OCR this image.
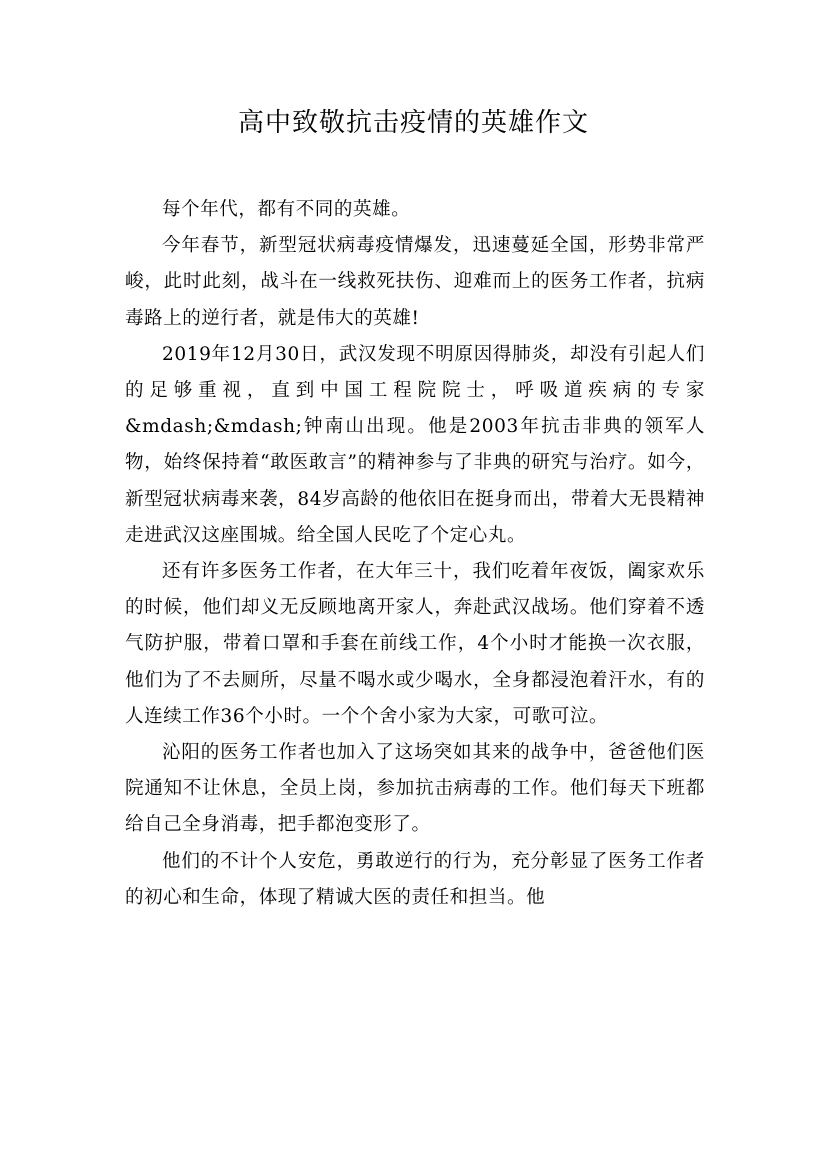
高中致敬抗击疫情的英雄作文

每个年代，都有不同的英雄。

今年春节，新型冠状病毒疫情爆发，迅速蔓延全国，形势非常严峻，此时此刻，战斗在一线救死扶伤、迎难而上的医务工作者，抗病毒路上的逆行者，就是伟大的英雄!

2019年12月30日，武汉发现不明原因得肺炎，却没有引起人们的足够重视，直到中国工程院院士，呼吸道疾病的专家&mdash;&mdash;钟南山出现。他是2003年抗击非典的领军人物，始终保持着“敢医敢言”的精神参与了非典的研究与治疗。如今，新型冠状病毒来袭，84岁高龄的他依旧在挺身而出，带着大无畏精神走进武汉这座围城。给全国人民吃了个定心丸。

还有许多医务工作者，在大年三十，我们吃着年夜饭，阖家欢乐的时候，他们却义无反顾地离开家人，奔赴武汉战场。他们穿着不透气防护服，带着口罩和手套在前线工作，4个小时才能换一次衣服，他们为了不去厕所，尽量不喝水或少喝水，全身都浸泡着汗水，有的人连续工作36个小时。一个个舍小家为大家，可歌可泣。

沁阳的医务工作者也加入了这场突如其来的战争中，爸爸他们医院通知不让休息，全员上岗，参加抗击病毒的工作。他们每天下班都给自己全身消毒，把手都泡变形了。

他们的不计个人安危，勇敢逆行的行为，充分彰显了医务工作者的初心和生命，体现了精诚大医的责任和担当。他
